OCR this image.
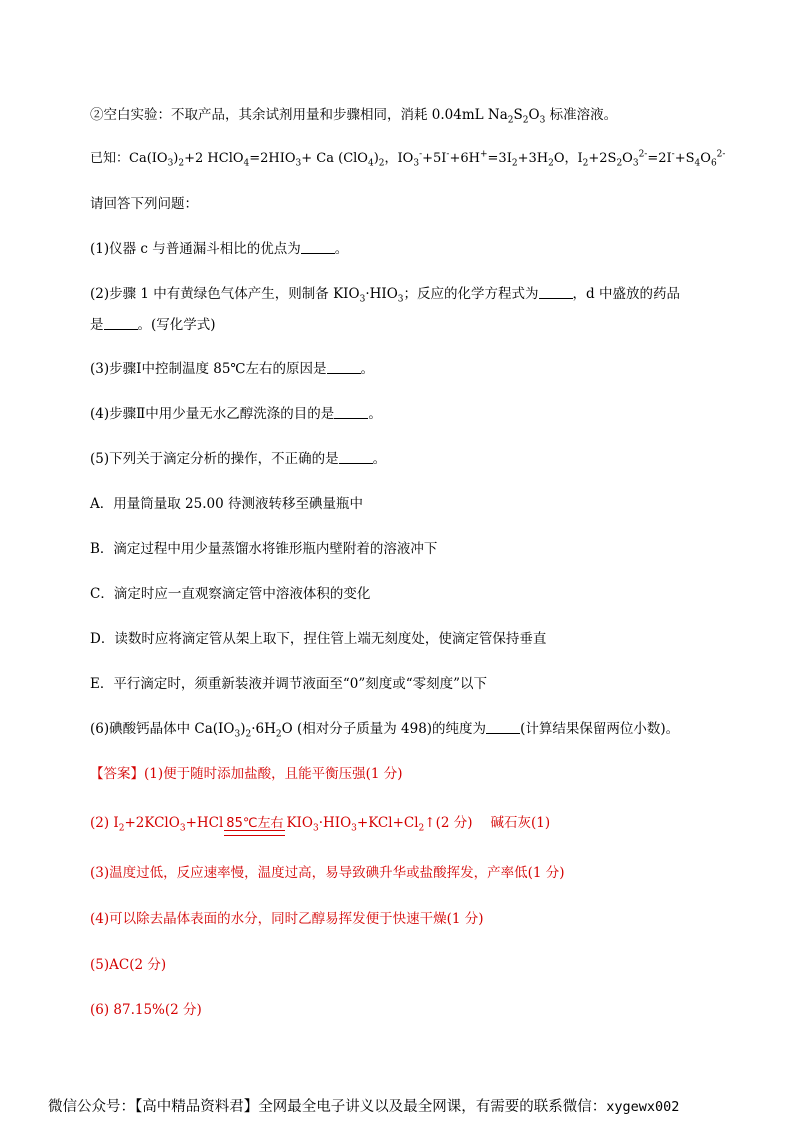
②空白实验：不取产品，其余试剂用量和步骤相同，消耗 0.04mL $Na_2S_2O_3$ 标准溶液。
已知：$Ca(IO_3)_2+2$ $HClO_4=2HIO_3+ Ca$ $(ClO_4)_2$，$IO_3^-+5I^-+6H^+=3I_2+3H_2O$，$I_2+2S_2O_3^{2-}=2I^-+S_4O_6^{2-}$
请回答下列问题：
(1)仪器 c 与普通漏斗相比的优点为	。
(2)步骤 1 中有黄绿色气体产生，则制备 $KIO_3\cdot HIO_3$；反应的化学方程式为	，d 中盛放的药品
是	。(写化学式)
(3)步骤Ⅰ中控制温度 85℃左右的原因是	。
(4)步骤Ⅱ中用少量无水乙醇洗涤的目的是	。
(5)下列关于滴定分析的操作，不正确的是	。
A．用量筒量取 25.00 待测液转移至碘量瓶中
B．滴定过程中用少量蒸馏水将锥形瓶内壁附着的溶液冲下
C．滴定时应一直观察滴定管中溶液体积的变化
D．读数时应将滴定管从架上取下，捏住管上端无刻度处，使滴定管保持垂直
E．平行滴定时，须重新装液并调节液面至“0”刻度或“零刻度”以下
(6)碘酸钙晶体中 $Ca(IO_3)_2\cdot 6H_2O$ (相对分子质量为 498)的纯度为	(计算结果保留两位小数)。
【答案】(1)便于随时添加盐酸，且能平衡压强(1 分)
(2) $I_2+2KClO_3+HCl$ 85℃左右 $KIO_3\cdot HIO_3+KCl+Cl_2↑(2$ 分) 碱石灰(1)
(3)温度过低，反应速率慢，温度过高，易导致碘升华或盐酸挥发，产率低(1 分)
(4)可以除去晶体表面的水分，同时乙醇易挥发便于快速干燥(1 分)
(5)AC(2 分)
(6) 87.15%(2 分)
微信公众号：【高中精品资料君】全网最全电子讲义以及最全网课，有需要的联系微信：xygewx002
